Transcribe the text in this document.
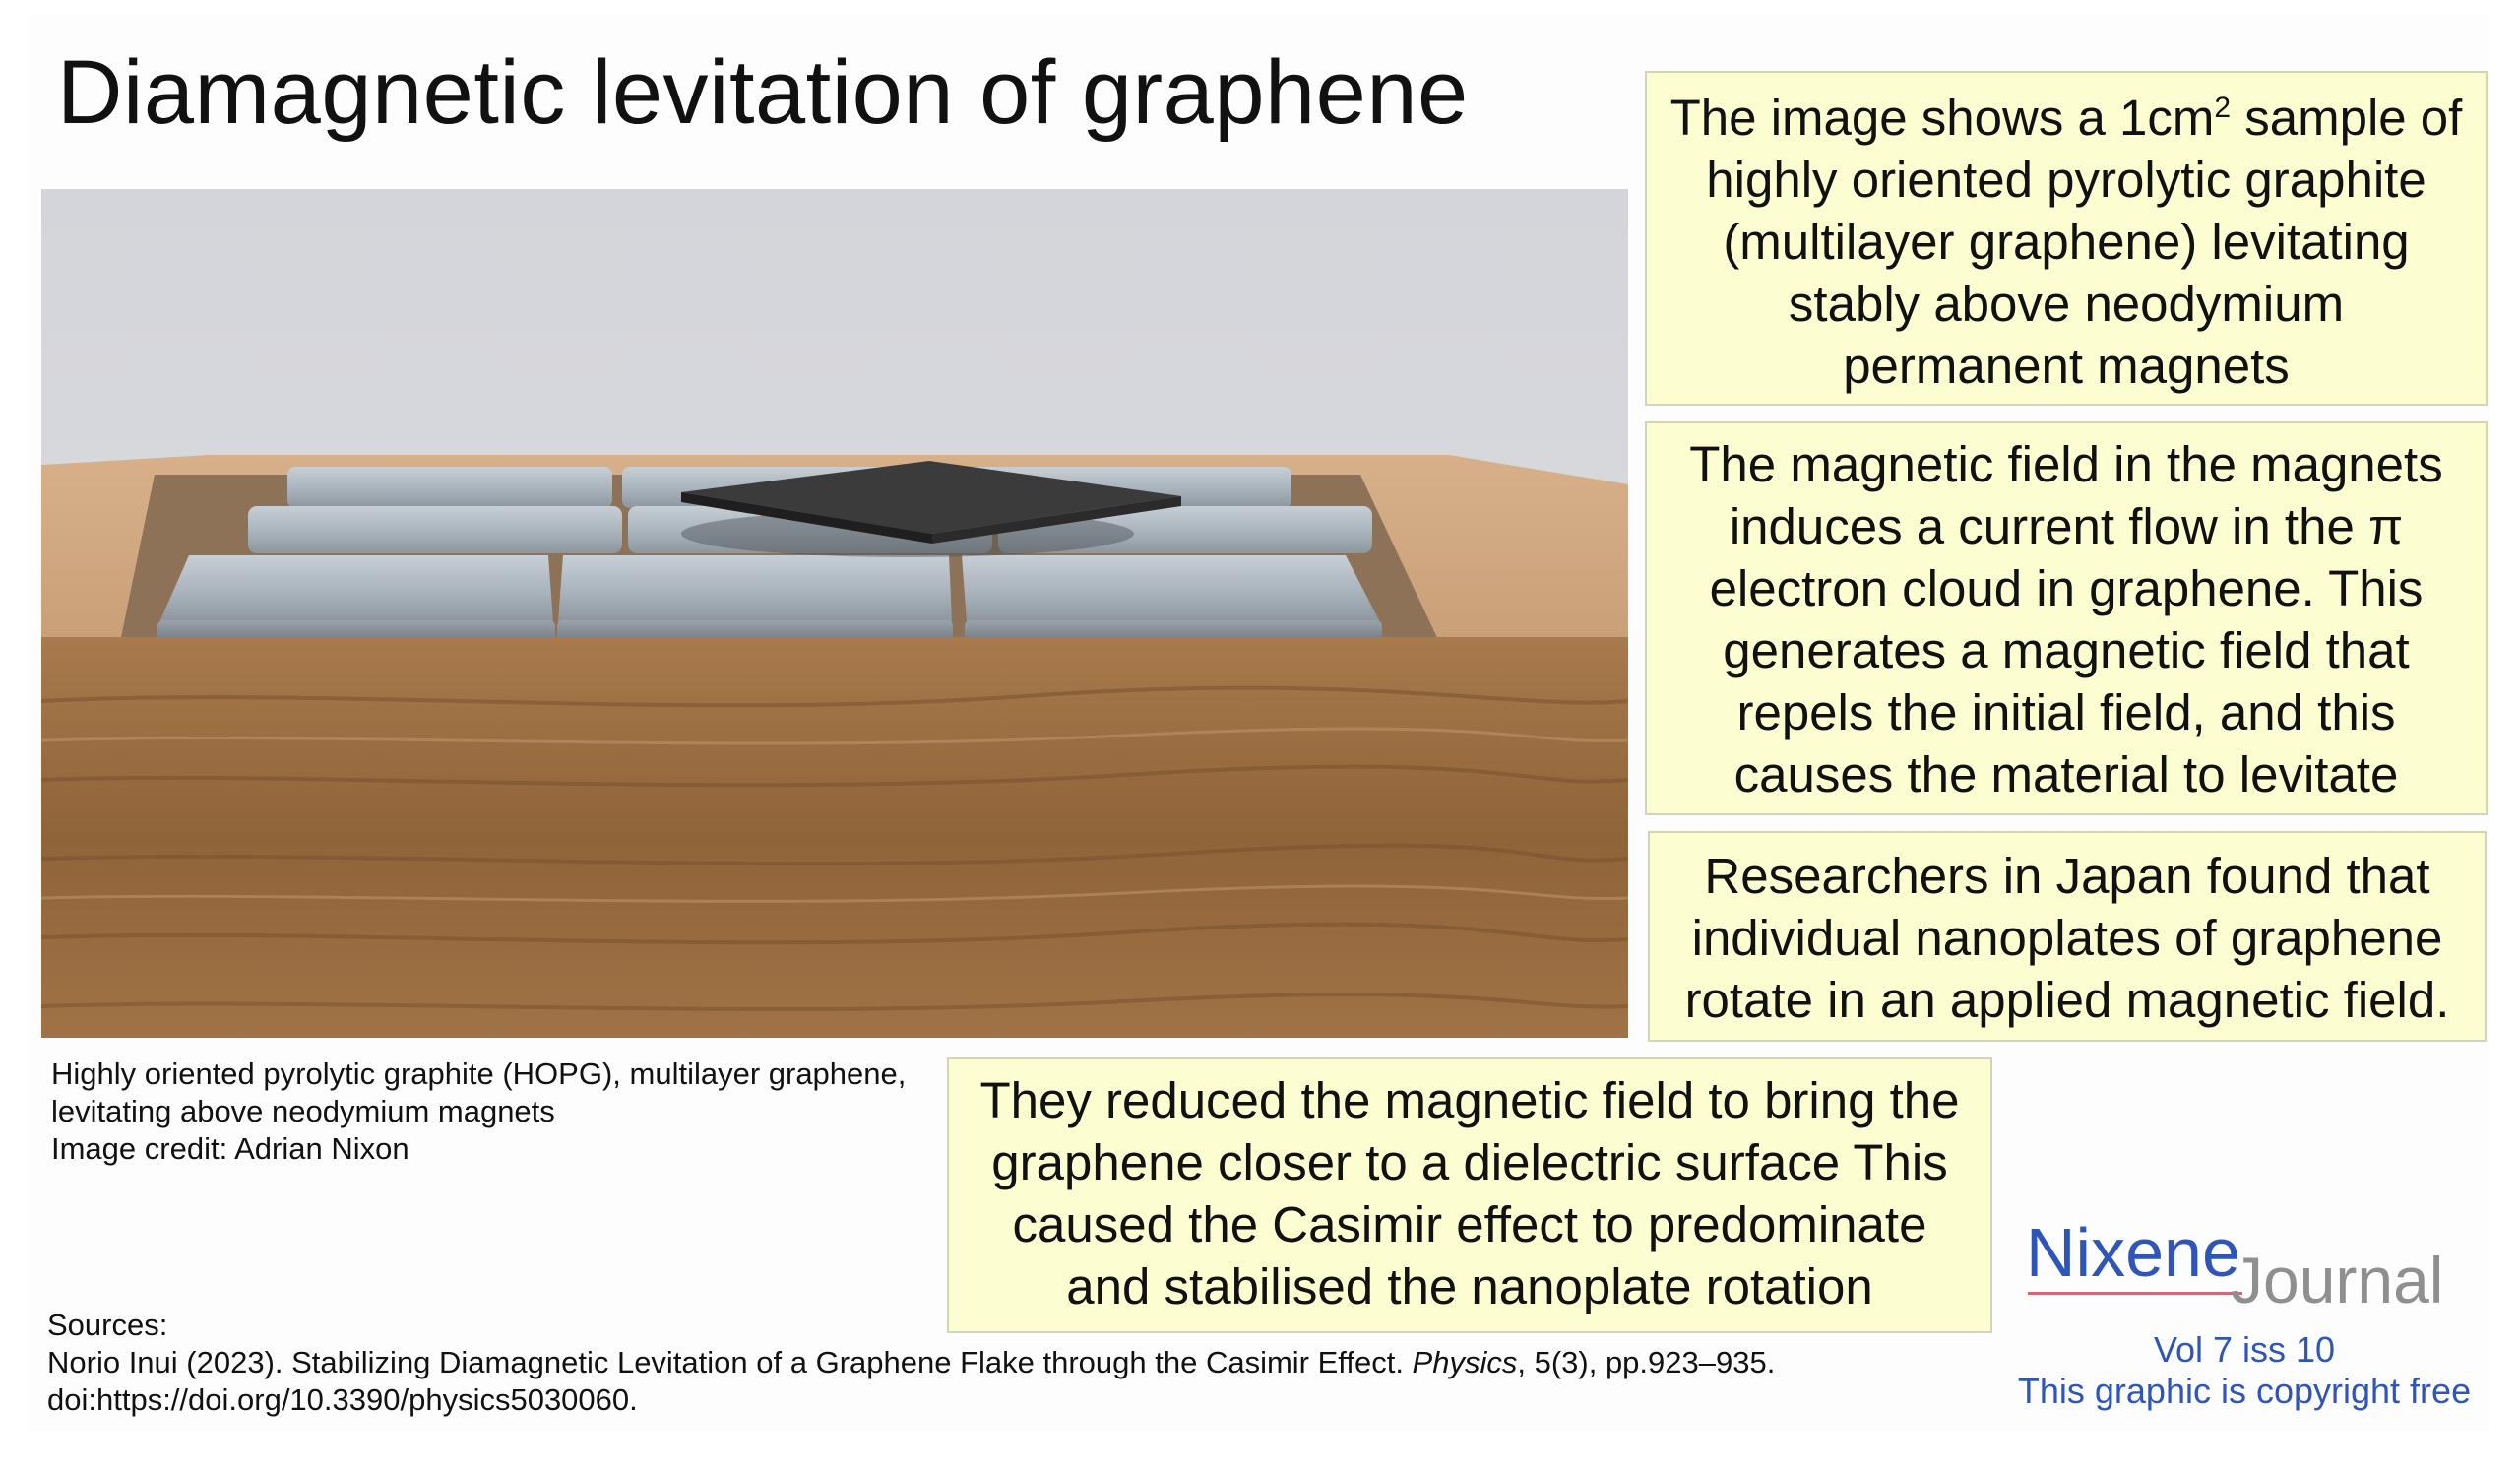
Diamagnetic levitation of graphene
Highly oriented pyrolytic graphite (HOPG), multilayer graphene,
levitating above neodymium magnets
Image credit: Adrian Nixon
The image shows a $1cm^2$ sample of
highly oriented pyrolytic graphite
(multilayer graphene) levitating
stably above neodymium
permanent magnets
The magnetic field in the magnets
induces a current flow in the π
electron cloud in graphene. This
generates a magnetic field that
repels the initial field, and this
causes the material to levitate
Researchers in Japan found that
individual nanoplates of graphene
rotate in an applied magnetic field.
They reduced the magnetic field to bring the
graphene closer to a dielectric surface This
caused the Casimir effect to predominate
and stabilised the nanoplate rotation
Sources:
Norio Inui (2023). Stabilizing Diamagnetic Levitation of a Graphene Flake through the Casimir Effect. Physics, 5(3), pp.923–935.
doi:https://doi.org/10.3390/physics5030060.
Nixene
Journal
Vol 7 iss 10
This graphic is copyright free
